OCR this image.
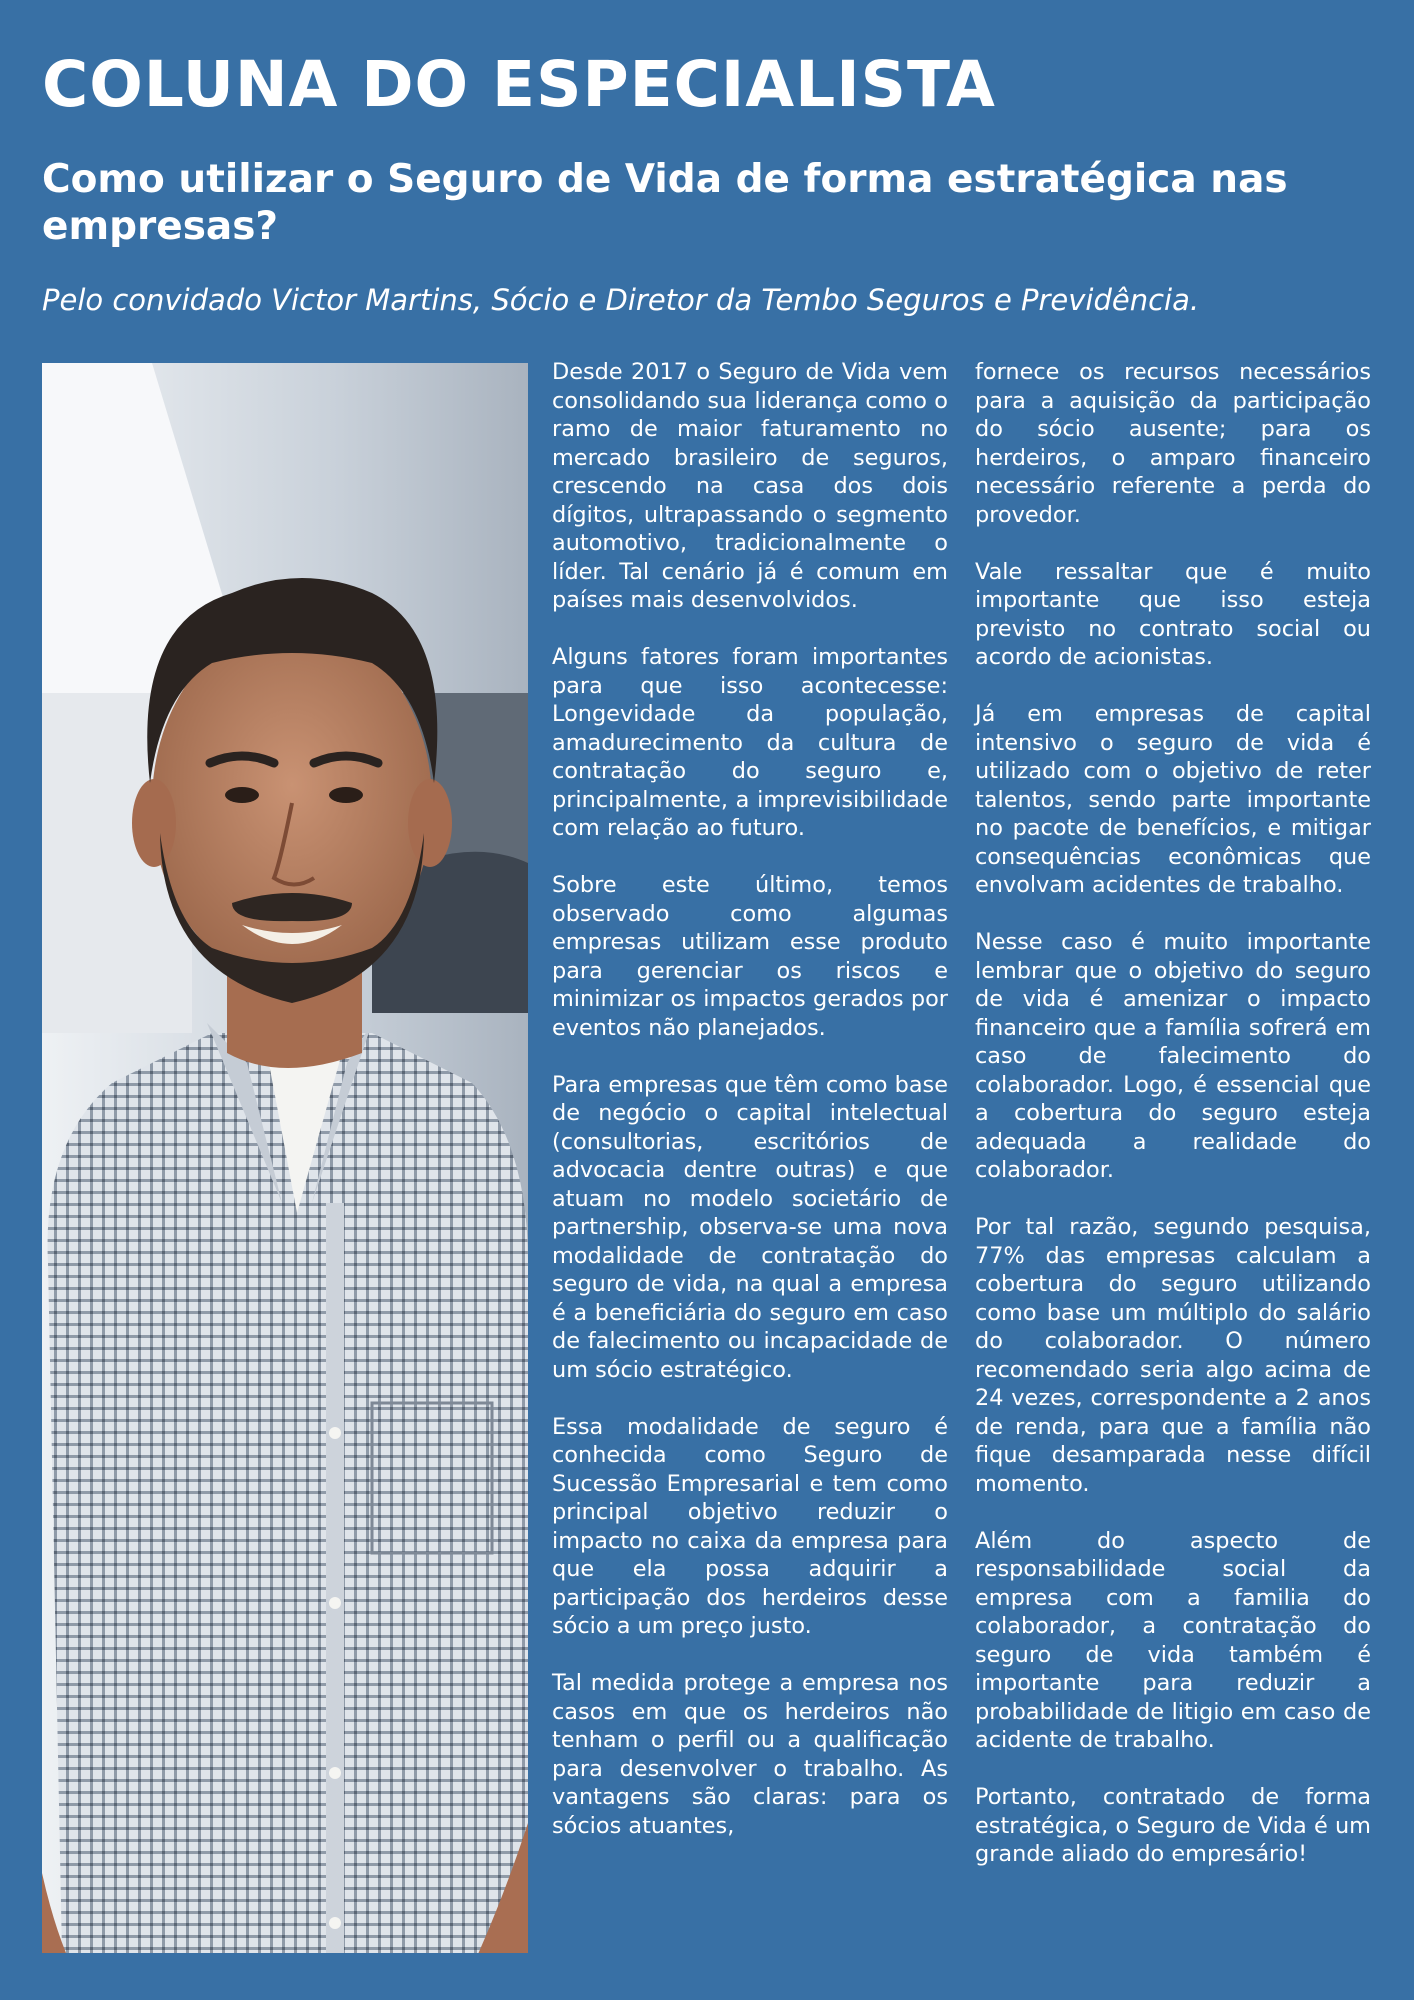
COLUNA DO ESPECIALISTA
Como utilizar o Seguro de Vida de forma estratégica nas empresas?

Pelo convidado Victor Martins, Sócio e Diretor da Tembo Seguros e Previdência.

Desde 2017 o Seguro de Vida vem consolidando sua liderança como o ramo de maior faturamento no mercado brasileiro de seguros, crescendo na casa dos dois dígitos, ultrapassando o segmento automotivo, tradicionalmente o líder. Tal cenário já é comum em países mais desenvolvidos.

Alguns fatores foram importantes para que isso acontecesse: Longevidade da população, amadurecimento da cultura de contratação do seguro e, principalmente, a imprevisibilidade com relação ao futuro.

Sobre este último, temos observado como algumas empresas utilizam esse produto para gerenciar os riscos e minimizar os impactos gerados por eventos não planejados.

Para empresas que têm como base de negócio o capital intelectual (consultorias, escritórios de advocacia dentre outras) e que atuam no modelo societário de partnership, observa-se uma nova modalidade de contratação do seguro de vida, na qual a empresa é a beneficiária do seguro em caso de falecimento ou incapacidade de um sócio estratégico.

Essa modalidade de seguro é conhecida como Seguro de Sucessão Empresarial e tem como principal objetivo reduzir o impacto no caixa da empresa para que ela possa adquirir a participação dos herdeiros desse sócio a um preço justo.

Tal medida protege a empresa nos casos em que os herdeiros não tenham o perfil ou a qualificação para desenvolver o trabalho. As vantagens são claras: para os sócios atuantes,

fornece os recursos necessários para a aquisição da participação do sócio ausente; para os herdeiros, o amparo financeiro necessário referente a perda do provedor.

Vale ressaltar que é muito importante que isso esteja previsto no contrato social ou acordo de acionistas.

Já em empresas de capital intensivo o seguro de vida é utilizado com o objetivo de reter talentos, sendo parte importante no pacote de benefícios, e mitigar consequências econômicas que envolvam acidentes de trabalho.

Nesse caso é muito importante lembrar que o objetivo do seguro de vida é amenizar o impacto financeiro que a família sofrerá em caso de falecimento do colaborador. Logo, é essencial que a cobertura do seguro esteja adequada a realidade do colaborador.

Por tal razão, segundo pesquisa, 77% das empresas calculam a cobertura do seguro utilizando como base um múltiplo do salário do colaborador. O número recomendado seria algo acima de 24 vezes, correspondente a 2 anos de renda, para que a família não fique desamparada nesse difícil momento.

Além do aspecto de responsabilidade social da empresa com a familia do colaborador, a contratação do seguro de vida também é importante para reduzir a probabilidade de litigio em caso de acidente de trabalho.

Portanto, contratado de forma estratégica, o Seguro de Vida é um grande aliado do empresário!
